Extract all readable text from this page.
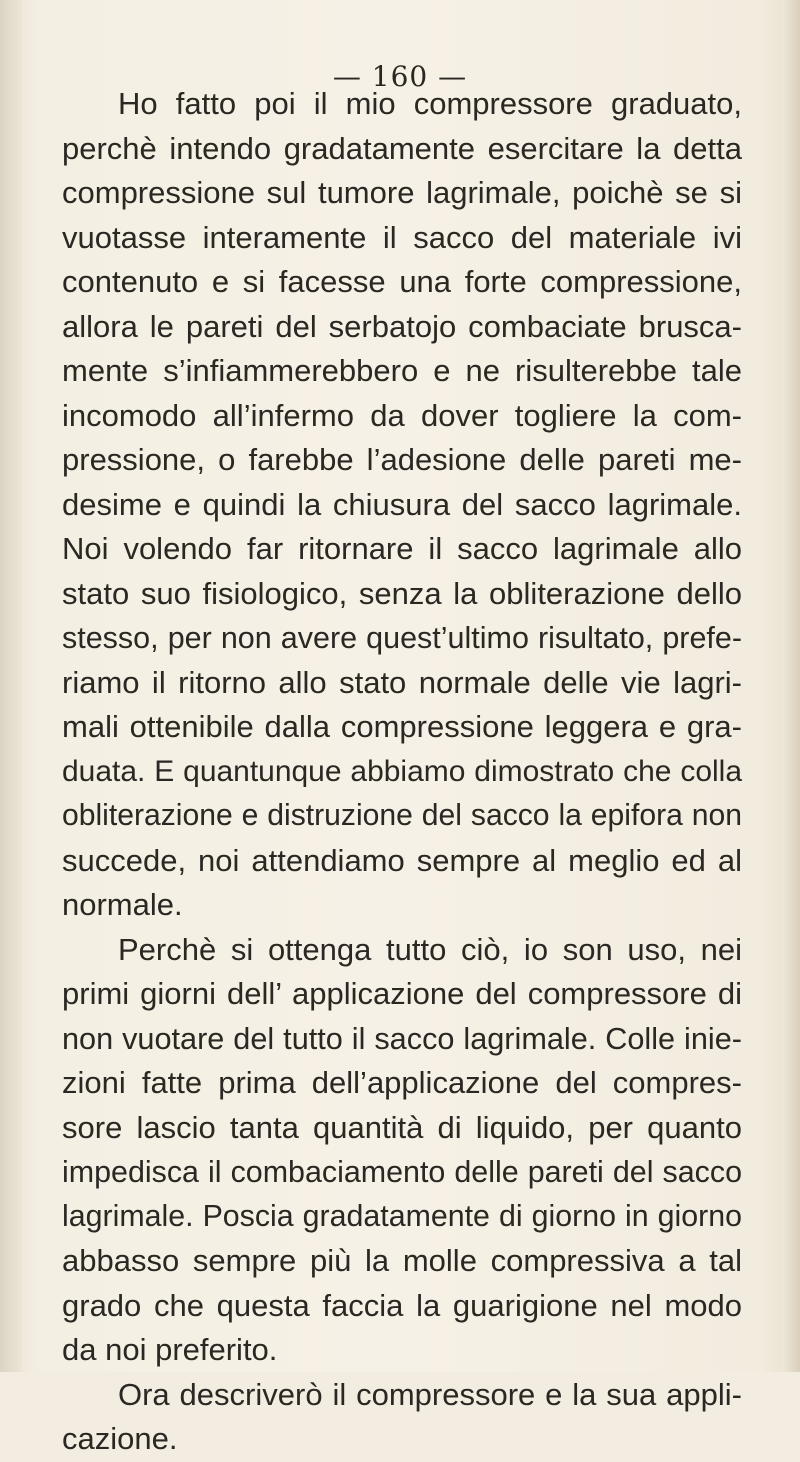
— 160 —
Ho fatto poi il mio compressore graduato,
perchè intendo gradatamente esercitare la detta
compressione sul tumore lagrimale, poichè se si
vuotasse interamente il sacco del materiale ivi
contenuto e si facesse una forte compressione,
allora le pareti del serbatojo combaciate brusca-
mente s’infiammerebbero e ne risulterebbe tale
incomodo all’infermo da dover togliere la com-
pressione, o farebbe l’adesione delle pareti me-
desime e quindi la chiusura del sacco lagrimale.
Noi volendo far ritornare il sacco lagrimale allo
stato suo fisiologico, senza la obliterazione dello
stesso, per non avere quest’ultimo risultato, prefe-
riamo il ritorno allo stato normale delle vie lagri-
mali ottenibile dalla compressione leggera e gra-
duata. E quantunque abbiamo dimostrato che colla
obliterazione e distruzione del sacco la epifora non
succede, noi attendiamo sempre al meglio ed al
normale.
Perchè si ottenga tutto ciò, io son uso, nei
primi giorni dell’ applicazione del compressore di
non vuotare del tutto il sacco lagrimale. Colle inie-
zioni fatte prima dell’applicazione del compres-
sore lascio tanta quantità di liquido, per quanto
impedisca il combaciamento delle pareti del sacco
lagrimale. Poscia gradatamente di giorno in giorno
abbasso sempre più la molle compressiva a tal
grado che questa faccia la guarigione nel modo
da noi preferito.
Ora descriverò il compressore e la sua appli-
cazione.
